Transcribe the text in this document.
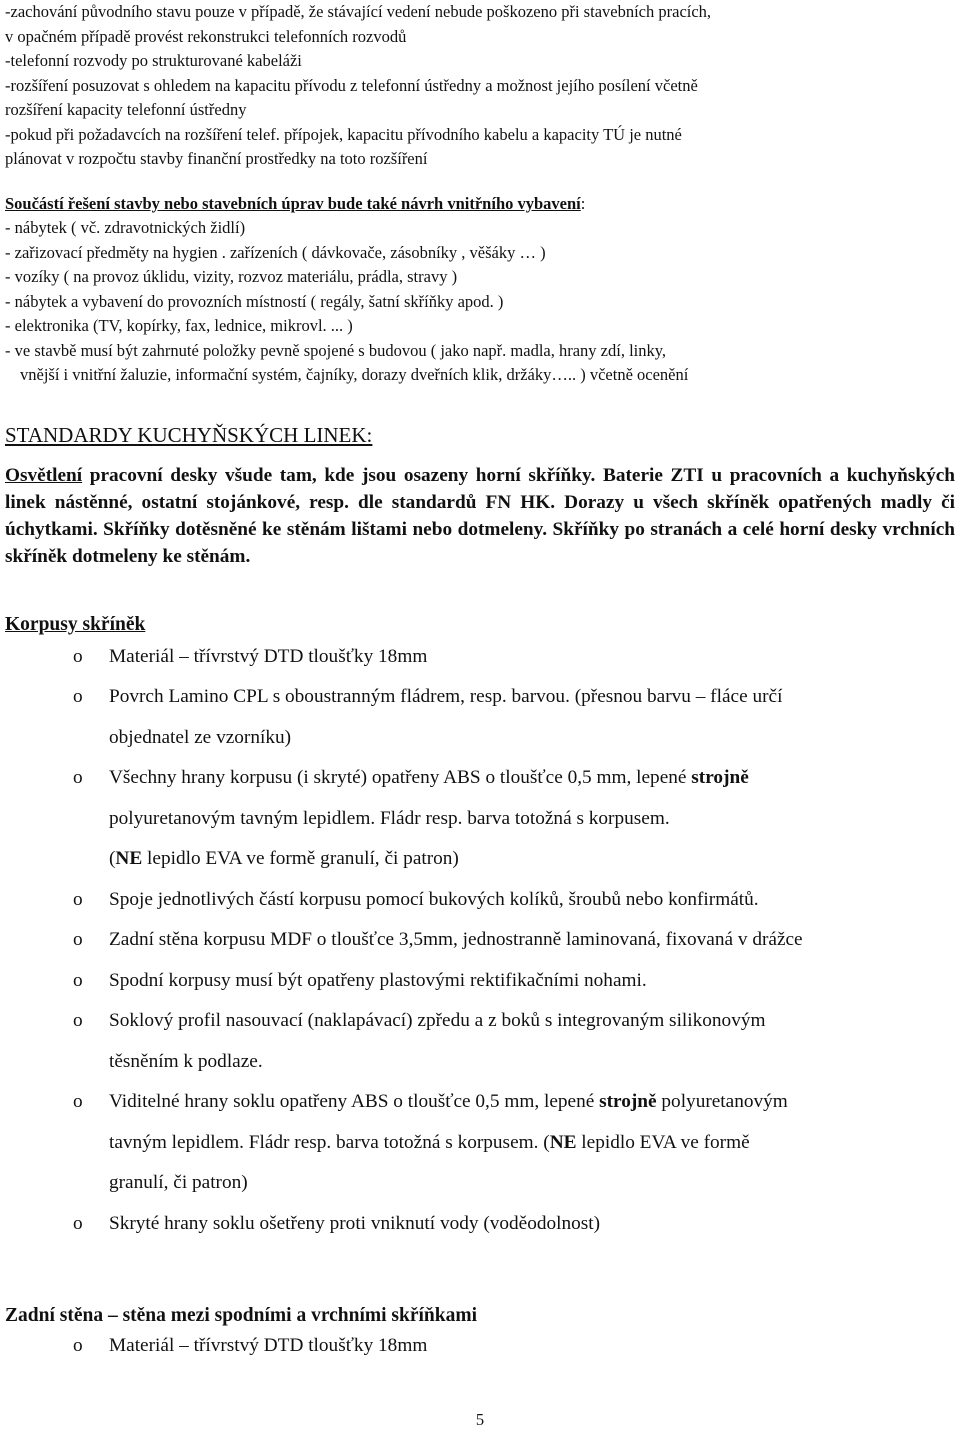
-zachování původního stavu pouze v případě, že stávající vedení nebude poškozeno při stavebních pracích,

v opačném případě provést rekonstrukci telefonních rozvodů

-telefonní rozvody po strukturované kabeláži

-rozšíření posuzovat s ohledem na kapacitu přívodu z telefonní ústředny a možnost jejího posílení včetně

rozšíření kapacity telefonní ústředny

-pokud při požadavcích na rozšíření telef. přípojek, kapacitu přívodního kabelu a kapacity TÚ je nutné

plánovat v rozpočtu stavby finanční prostředky na toto rozšíření

Součástí řešení stavby nebo stavebních úprav bude také návrh vnitřního vybavení:

- nábytek ( vč. zdravotnických židlí)
- zařizovací předměty na hygien . zařízeních ( dávkovače, zásobníky , věšáky … )
- vozíky ( na provoz úklidu, vizity, rozvoz materiálu, prádla, stravy )
- nábytek a vybavení do provozních místností ( regály, šatní skříňky apod. )
- elektronika (TV, kopírky, fax, lednice, mikrovl. ... )
- ve stavbě musí být zahrnuté položky pevně spojené s budovou ( jako např. madla, hrany zdí, linky,
vnější i vnitřní žaluzie, informační systém, čajníky, dorazy dveřních klik, držáky….. ) včetně ocenění

STANDARDY KUCHYŇSKÝCH LINEK:

Osvětlení pracovní desky všude tam, kde jsou osazeny horní skříňky. Baterie ZTI u pracovních a kuchyňských linek nástěnné, ostatní stojánkové, resp. dle standardů FN HK. Dorazy u všech skříněk opatřených madly či úchytkami. Skříňky dotěsněné ke stěnám lištami nebo dotmeleny. Skříňky po stranách a celé horní desky vrchních skříněk dotmeleny ke stěnám.

Korpusy skříněk

o Materiál – třívrstvý DTD tloušťky 18mm
o Povrch Lamino CPL s oboustranným fládrem, resp. barvou. (přesnou barvu – fláce určí
objednatel ze vzorníku)
o Všechny hrany korpusu (i skryté) opatřeny ABS o tloušťce 0,5 mm, lepené strojně
polyuretanovým tavným lepidlem. Fládr resp. barva totožná s korpusem.
(NE lepidlo EVA ve formě granulí, či patron)
o Spoje jednotlivých částí korpusu pomocí bukových kolíků, šroubů nebo konfirmátů.
o Zadní stěna korpusu MDF o tloušťce 3,5mm, jednostranně laminovaná, fixovaná v drážce
o Spodní korpusy musí být opatřeny plastovými rektifikačními nohami.
o Soklový profil nasouvací (naklapávací) zpředu a z boků s integrovaným silikonovým
těsněním k podlaze.
o Viditelné hrany soklu opatřeny ABS o tloušťce 0,5 mm, lepené strojně polyuretanovým
tavným lepidlem. Fládr resp. barva totožná s korpusem. (NE lepidlo EVA ve formě
granulí, či patron)
o Skryté hrany soklu ošetřeny proti vniknutí vody (voděodolnost)

Zadní stěna – stěna mezi spodními a vrchními skříňkami

o Materiál – třívrstvý DTD tloušťky 18mm
5
